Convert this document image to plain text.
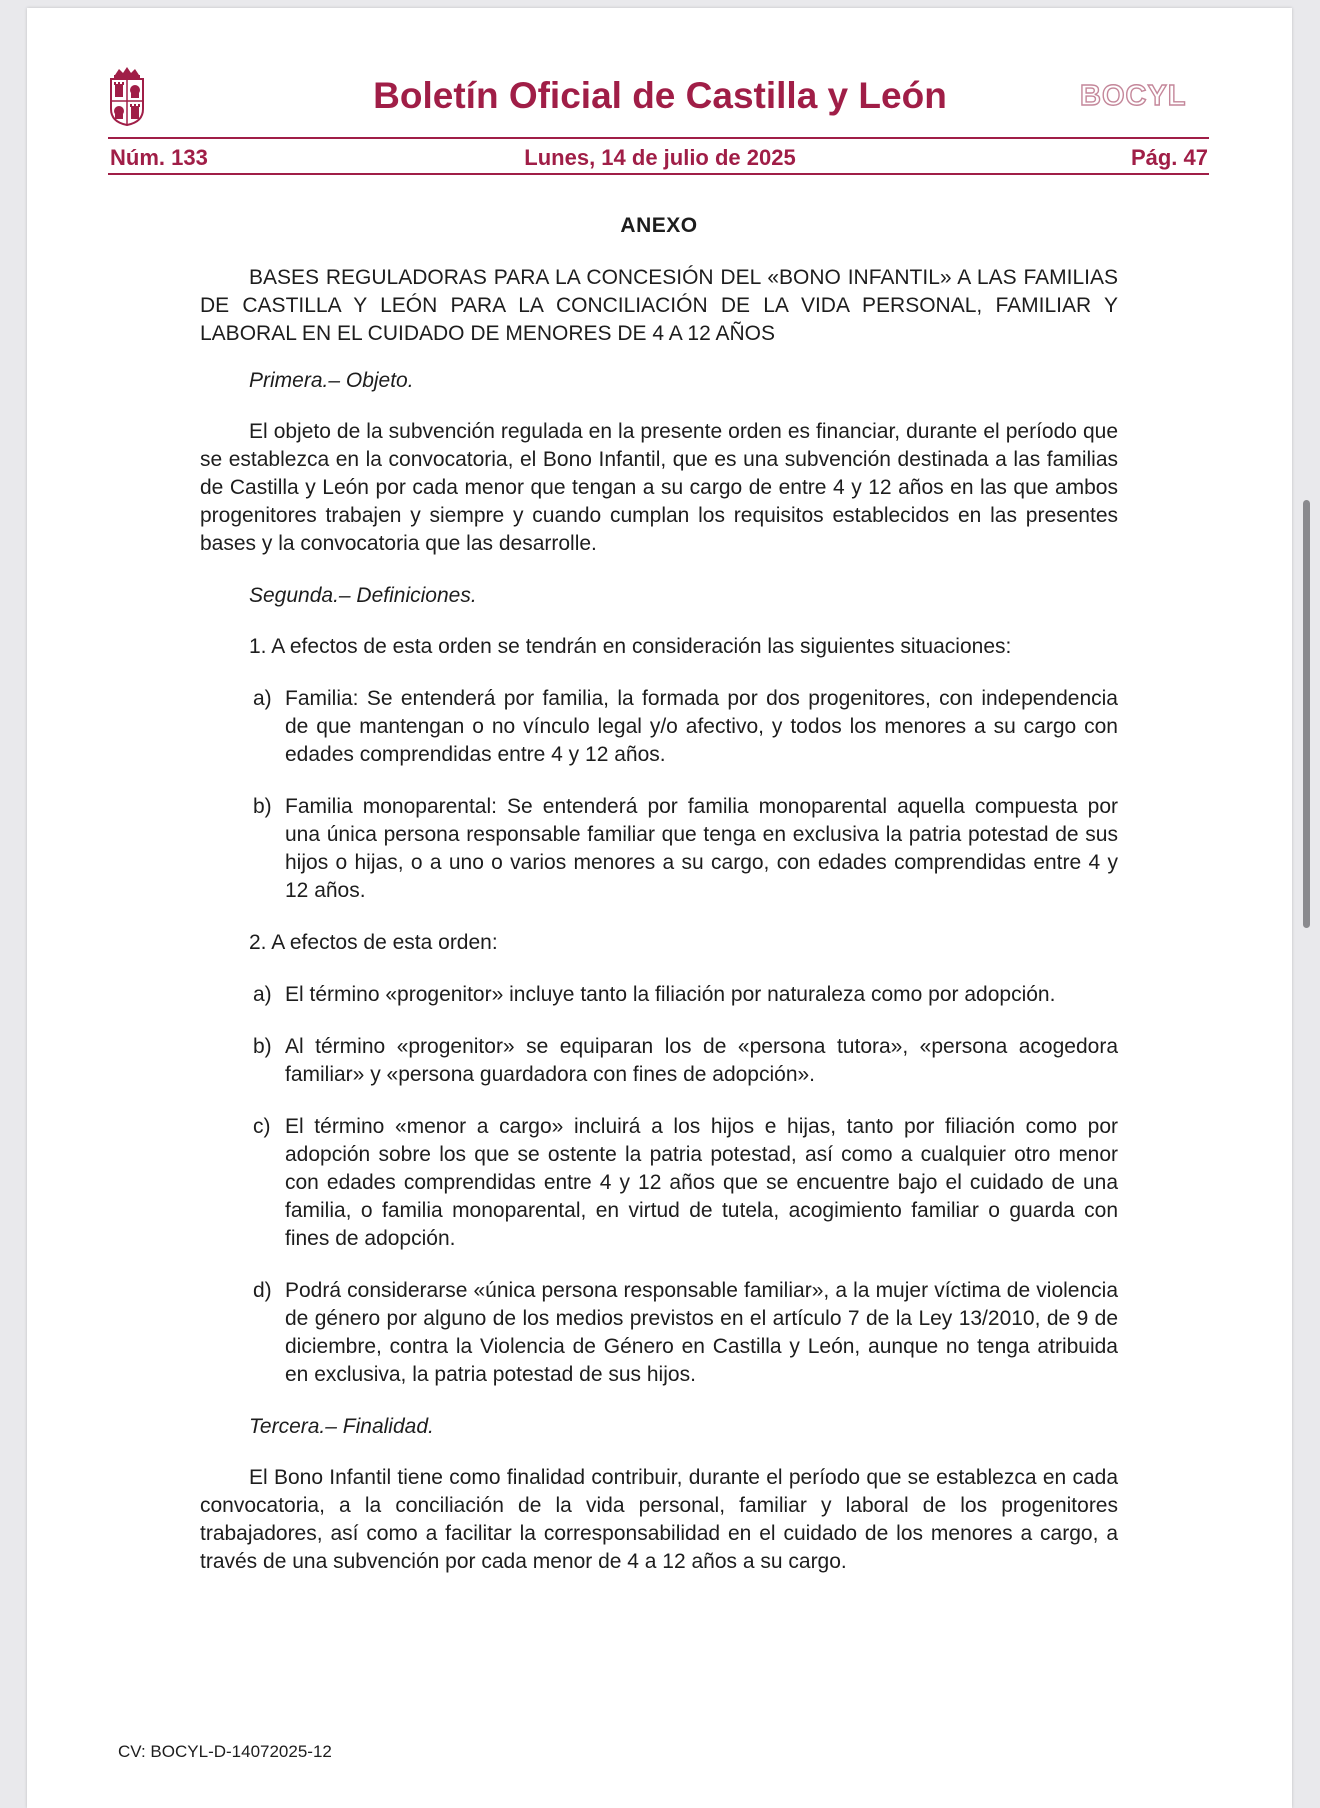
Boletín Oficial de Castilla y León	BOCYL
Núm. 133	Lunes, 14 de julio de 2025	Pág. 47
ANEXO
BASES REGULADORAS PARA LA CONCESIÓN DEL «BONO INFANTIL» A LAS FAMILIAS DE CASTILLA Y LEÓN PARA LA CONCILIACIÓN DE LA VIDA PERSONAL, FAMILIAR Y LABORAL EN EL CUIDADO DE MENORES DE 4 A 12 AÑOS
Primera.– Objeto.
El objeto de la subvención regulada en la presente orden es financiar, durante el período que se establezca en la convocatoria, el Bono Infantil, que es una subvención destinada a las familias de Castilla y León por cada menor que tengan a su cargo de entre 4 y 12 años en las que ambos progenitores trabajen y siempre y cuando cumplan los requisitos establecidos en las presentes bases y la convocatoria que las desarrolle.
Segunda.– Definiciones.
1. A efectos de esta orden se tendrán en consideración las siguientes situaciones:
a) Familia: Se entenderá por familia, la formada por dos progenitores, con independencia de que mantengan o no vínculo legal y/o afectivo, y todos los menores a su cargo con edades comprendidas entre 4 y 12 años.
b) Familia monoparental: Se entenderá por familia monoparental aquella compuesta por una única persona responsable familiar que tenga en exclusiva la patria potestad de sus hijos o hijas, o a uno o varios menores a su cargo, con edades comprendidas entre 4 y 12 años.
2. A efectos de esta orden:
a) El término «progenitor» incluye tanto la filiación por naturaleza como por adopción.
b) Al término «progenitor» se equiparan los de «persona tutora», «persona acogedora familiar» y «persona guardadora con fines de adopción».
c) El término «menor a cargo» incluirá a los hijos e hijas, tanto por filiación como por adopción sobre los que se ostente la patria potestad, así como a cualquier otro menor con edades comprendidas entre 4 y 12 años que se encuentre bajo el cuidado de una familia, o familia monoparental, en virtud de tutela, acogimiento familiar o guarda con fines de adopción.
d) Podrá considerarse «única persona responsable familiar», a la mujer víctima de violencia de género por alguno de los medios previstos en el artículo 7 de la Ley 13/2010, de 9 de diciembre, contra la Violencia de Género en Castilla y León, aunque no tenga atribuida en exclusiva, la patria potestad de sus hijos.
Tercera.– Finalidad.
El Bono Infantil tiene como finalidad contribuir, durante el período que se establezca en cada convocatoria, a la conciliación de la vida personal, familiar y laboral de los progenitores trabajadores, así como a facilitar la corresponsabilidad en el cuidado de los menores a cargo, a través de una subvención por cada menor de 4 a 12 años a su cargo.
CV: BOCYL-D-14072025-12
